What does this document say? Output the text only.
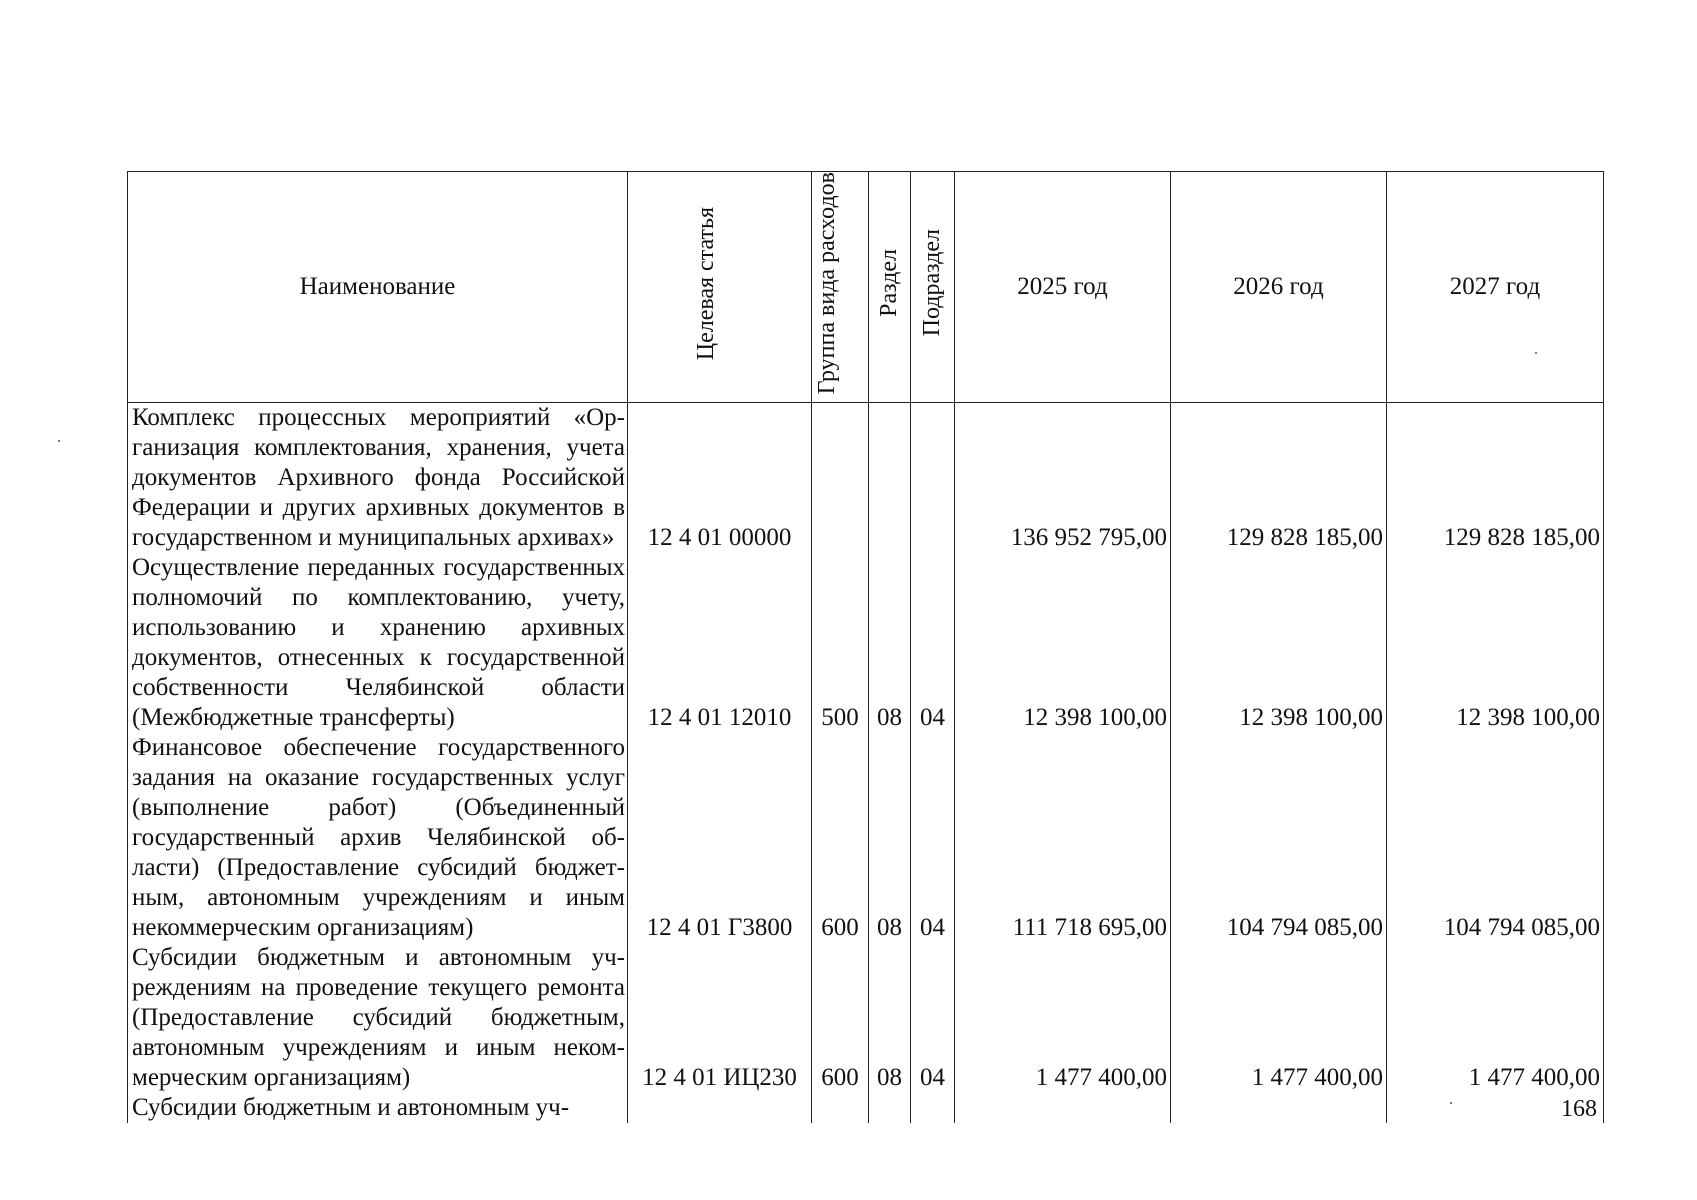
Наименование	Целевая статья	Группа вида расходов	Раздел	Подраздел	2025 год	2026 год	2027 год

Комплекс процессных мероприятий «Организация комплектования, хранения, учета документов Архивного фонда Российской Федерации и других архивных документов в государственном и муниципальных архивах»	12 4 01 00000				136 952 795,00	129 828 185,00	129 828 185,00

Осуществление переданных государственных полномочий по комплектованию, учету, использованию и хранению архивных документов, отнесенных к государственной собственности Челябинской области (Межбюджетные трансферты)	12 4 01 12010	500	08	04	12 398 100,00	12 398 100,00	12 398 100,00

Финансовое обеспечение государственного задания на оказание государственных услуг (выполнение работ) (Объединенный государственный архив Челябинской области) (Предоставление субсидий бюджетным, автономным учреждениям и иным некоммерческим организациям)	12 4 01 Г3800	600	08	04	111 718 695,00	104 794 085,00	104 794 085,00

Субсидии бюджетным и автономным учреждениям на проведение текущего ремонта (Предоставление субсидий бюджетным, автономным учреждениям и иным некоммерческим организациям)	12 4 01 ИЦ230	600	08	04	1 477 400,00	1 477 400,00	1 477 400,00

Субсидии бюджетным и автономным уч-							
								168
